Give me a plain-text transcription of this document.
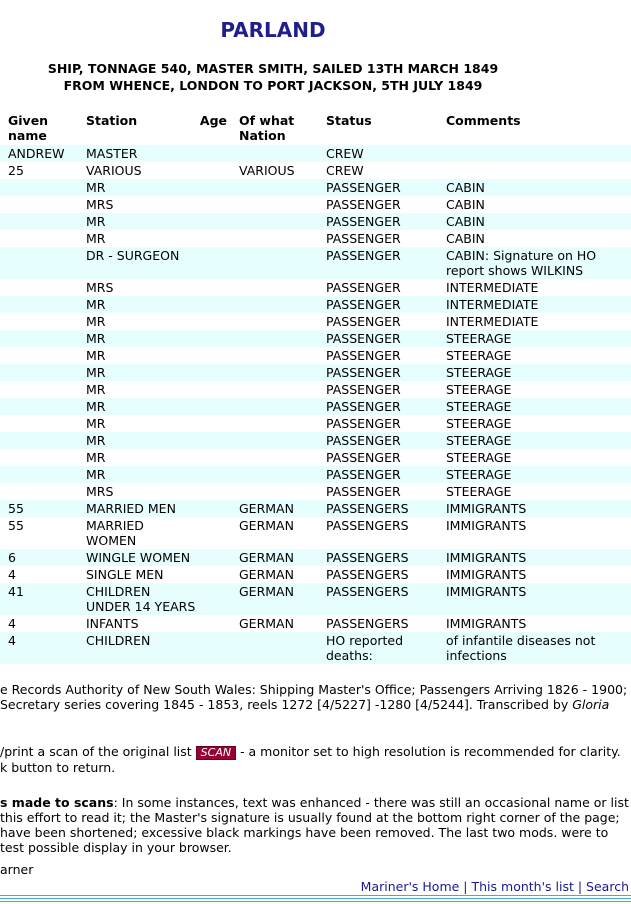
PARLAND
SHIP, TONNAGE 540, MASTER SMITH, SAILED 13TH MARCH 1849
FROM WHENCE, LONDON TO PORT JACKSON, 5TH JULY 1849
Given name	Station	Age	Of what Nation	Status	Comments
ANDREW	MASTER			CREW	
25	VARIOUS		VARIOUS	CREW	
	MR			PASSENGER	CABIN
	MRS			PASSENGER	CABIN
	MR			PASSENGER	CABIN
	MR			PASSENGER	CABIN
	DR - SURGEON			PASSENGER	CABIN: Signature on HO report shows WILKINS
	MRS			PASSENGER	INTERMEDIATE
	MR			PASSENGER	INTERMEDIATE
	MR			PASSENGER	INTERMEDIATE
	MR			PASSENGER	STEERAGE
	MR			PASSENGER	STEERAGE
	MR			PASSENGER	STEERAGE
	MR			PASSENGER	STEERAGE
	MR			PASSENGER	STEERAGE
	MR			PASSENGER	STEERAGE
	MR			PASSENGER	STEERAGE
	MR			PASSENGER	STEERAGE
	MR			PASSENGER	STEERAGE
	MRS			PASSENGER	STEERAGE
55	MARRIED MEN		GERMAN	PASSENGERS	IMMIGRANTS
55	MARRIED WOMEN		GERMAN	PASSENGERS	IMMIGRANTS
6	WINGLE WOMEN		GERMAN	PASSENGERS	IMMIGRANTS
4	SINGLE MEN		GERMAN	PASSENGERS	IMMIGRANTS
41	CHILDREN UNDER 14 YEARS		GERMAN	PASSENGERS	IMMIGRANTS
4	INFANTS		GERMAN	PASSENGERS	IMMIGRANTS
4	CHILDREN			HO reported deaths:	of infantile diseases not infections
e Records Authority of New South Wales: Shipping Master's Office; Passengers Arriving 1826 - 1900;
Secretary series covering 1845 - 1853, reels 1272 [4/5227] -1280 [4/5244]. Transcribed by Gloria
/print a scan of the original list SCAN - a monitor set to high resolution is recommended for clarity.
k button to return.
s made to scans: In some instances, text was enhanced - there was still an occasional name or list
this effort to read it; the Master's signature is usually found at the bottom right corner of the page;
have been shortened; excessive black markings have been removed. The last two mods. were to
test possible display in your browser.
arner
Mariner's Home | This month's list | Search
